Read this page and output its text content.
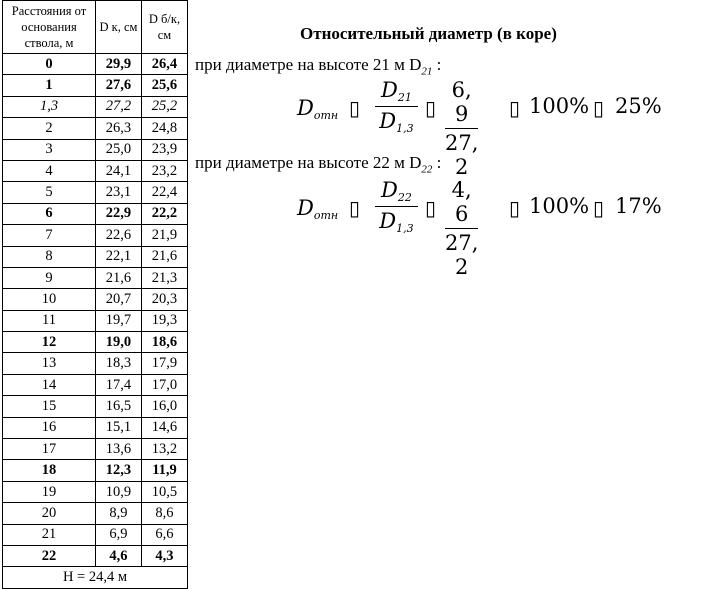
Расстояния от основания ствола, м	D к, см	D б/к, см
0	29,9	26,4
1	27,6	25,6
1,3	27,2	25,2
2	26,3	24,8
3	25,0	23,9
4	24,1	23,2
5	23,1	22,4
6	22,9	22,2
7	22,6	21,9
8	22,1	21,6
9	21,6	21,3
10	20,7	20,3
11	19,7	19,3
12	19,0	18,6
13	18,3	17,9
14	17,4	17,0
15	16,5	16,0
16	15,1	14,6
17	13,6	13,2
18	12,3	11,9
19	10,9	10,5
20	8,9	8,6
21	6,9	6,6
22	4,6	4,3
H = 24,4 м		
Относительный диаметр (в коре)
при диаметре на высоте 21 м $D_{21}$ :
Dотн ▯ $\frac{D21}{D1,3}$ ▯ $\frac{6, 9}{27, 2}$ ▯ 100% ▯ 25%
при диаметре на высоте 22 м $D_{22}$ :
Dотн ▯ $\frac{D22}{D1,3}$ ▯ $\frac{4, 6}{27, 2}$ ▯ 100% ▯ 17%
